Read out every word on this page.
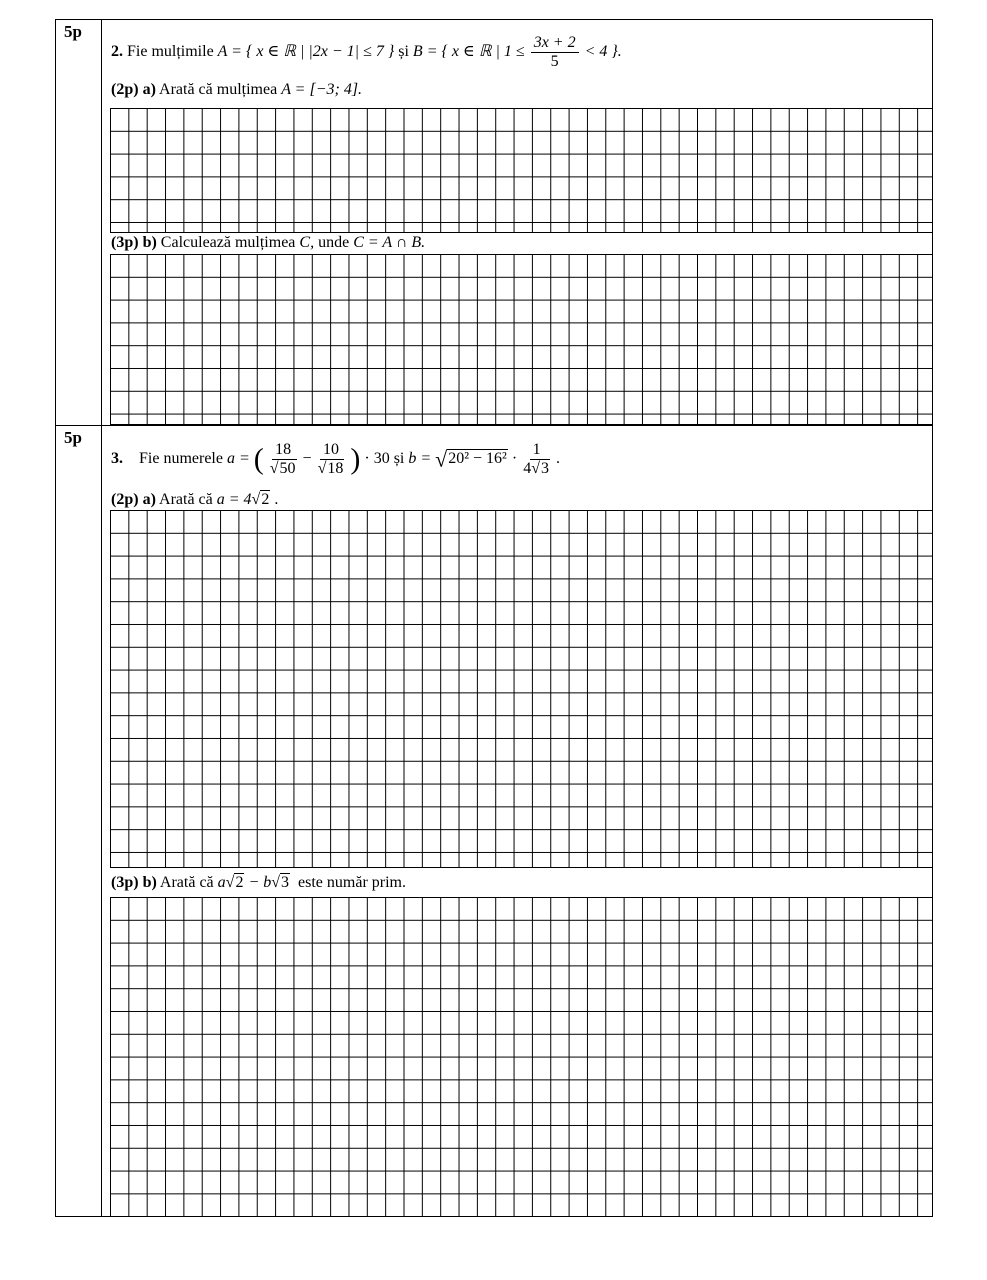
5p
5p
2. Fie mulțimile A = { x ∈ ℝ | |2x − 1| ≤ 7 } și B = { x ∈ ℝ | $1 \le \frac{3x + 2}{5} < 4$ }.
(2p) a) Arată că mulțimea A = [−3; 4].
(3p) b) Calculează mulțimea C, unde C = A ∩ B.
3. Fie numerele a = ( $\frac{18}{√50} - \frac{10}{√18}$ ) · 30 și $b = √20^2 - 16^2 \cdot \frac{1}{4√3}$ .
(2p) a) Arată că a = 4√2 .
(3p) b) Arată că a√2 − b√3 este număr prim.
